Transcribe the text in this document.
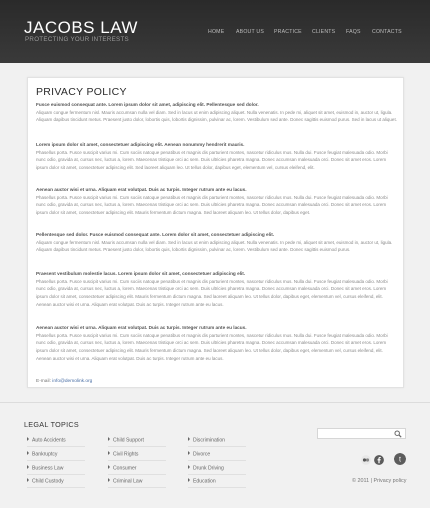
JACOBS LAW
PROTECTING YOUR INTERESTS
HOME ABOUT US PRACTICE CLIENTS FAQS CONTACTS
PRIVACY POLICY
Fusce euismod consequat ante. Lorem ipsum dolor sit amet, adipiscing elit. Pellentesque sed dolor.
Aliquam congue fermentum nisl. Mauris accumsan nulla vel diam. Sed in lacus ut enim adipiscing aliquet. Nulla venenatis. In pede mi, aliquet sit amet, euismod in, auctor ut, ligula. Aliquam dapibus tincidunt metus. Praesent justo dolor, lobortis quis, lobortis dignissim, pulvinar ac, lorem. Vestibulum sed ante. Donec sagittis euismod purus. Sed in lacus ut aliquet.
Lorem ipsum dolor sit amet, consectetuer adipiscing elit. Aenean nonummy hendrerit mauris.
Phasellus porta. Fusce suscipit varius mi. Cum sociis natoque penatibus et magnis dis parturient montes, nascetur ridiculus mus. Nulla dui. Fusce feugiat malesuada odio. Morbi nunc odio, gravida at, cursus nec, luctus a, lorem. Maecenas tristique orci ac sem. Duis ultricies pharetra magna. Donec accumsan malesuada orci. Donec sit amet eros. Lorem ipsum dolor sit amet, consectetuer adipiscing elit. Sed laoreet aliquam leo. Ut tellus dolor, dapibus eget, elementum vel, cursus eleifend, elit.
Aenean auctor wisi et urna. Aliquam erat volutpat. Duis ac turpis. Integer rutrum ante eu lacus.
Phasellus porta. Fusce suscipit varius mi. Cum sociis natoque penatibus et magnis dis parturient montes, nascetur ridiculus mus. Nulla dui. Fusce feugiat malesuada odio. Morbi nunc odio, gravida at, cursus nec, luctus a, lorem. Maecenas tristique orci ac sem. Duis ultricies pharetra magna. Donec accumsan malesuada orci. Donec sit amet eros. Lorem ipsum dolor sit amet, consectetuer adipiscing elit. Mauris fermentum dictum magna. Sed laoreet aliquam leo. Ut tellus dolor, dapibus eget.
Pellentesque sed dolor. Fusce euismod consequat ante. Lorem dolor sit amet, consectetuer adipiscing elit.
Aliquam congue fermentum nisl. Mauris accumsan nulla vel diam. Sed in lacus ut enim adipiscing aliquet. Nulla venenatis. In pede mi, aliquet sit amet, euismod in, auctor ut, ligula. Aliquam dapibus tincidunt metus. Praesent justo dolor, lobortis quis, lobortis dignissim, pulvinar ac, lorem. Vestibulum sed ante. Donec sagittis euismod purus.
Praesent vestibulum molestie lacus. Lorem ipsum dolor sit amet, consectetuer adipiscing elit.
Phasellus porta. Fusce suscipit varius mi. Cum sociis natoque penatibus et magnis dis parturient montes, nascetur ridiculus mus. Nulla dui. Fusce feugiat malesuada odio. Morbi nunc odio, gravida at, cursus nec, luctus a, lorem. Maecenas tristique orci ac sem. Duis ultricies pharetra magna. Donec accumsan malesuada orci. Donec sit amet eros. Lorem ipsum dolor sit amet, consectetuer adipiscing elit. Mauris fermentum dictum magna. Sed laoreet aliquam leo. Ut tellus dolor, dapibus eget, elementum vel, cursus eleifend, elit. Aenean auctor wisi et urna. Aliquam erat volutpat. Duis ac turpis. Integer rutrum ante eu lacus.
Aenean auctor wisi et urna. Aliquam erat volutpat. Duis ac turpis. Integer rutrum ante eu lacus.
Phasellus porta. Fusce suscipit varius mi. Cum sociis natoque penatibus et magnis dis parturient montes, nascetur ridiculus mus. Nulla dui. Fusce feugiat malesuada odio. Morbi nunc odio, gravida at, cursus nec, luctus a, lorem. Maecenas tristique orci ac sem. Duis ultricies pharetra magna. Donec accumsan malesuada orci. Donec sit amet eros. Lorem ipsum dolor sit amet, consectetuer adipiscing elit. Mauris fermentum dictum magna. Sed laoreet aliquam leo. Ut tellus dolor, dapibus eget, elementum vel, cursus eleifend, elit. Aenean auctor wisi et urna. Aliquam erat volutpat. Duis ac turpis. Integer rutrum ante eu lacus.
E-mail: info@demolink.org
LEGAL TOPICS
Auto Accidents
Bankruptcy
Business Law
Child Custody
Child Support
Civil Rights
Consumer
Criminal Law
Discrimination
Divorce
Drunk Driving
Education
t
© 2011 | Privacy policy
